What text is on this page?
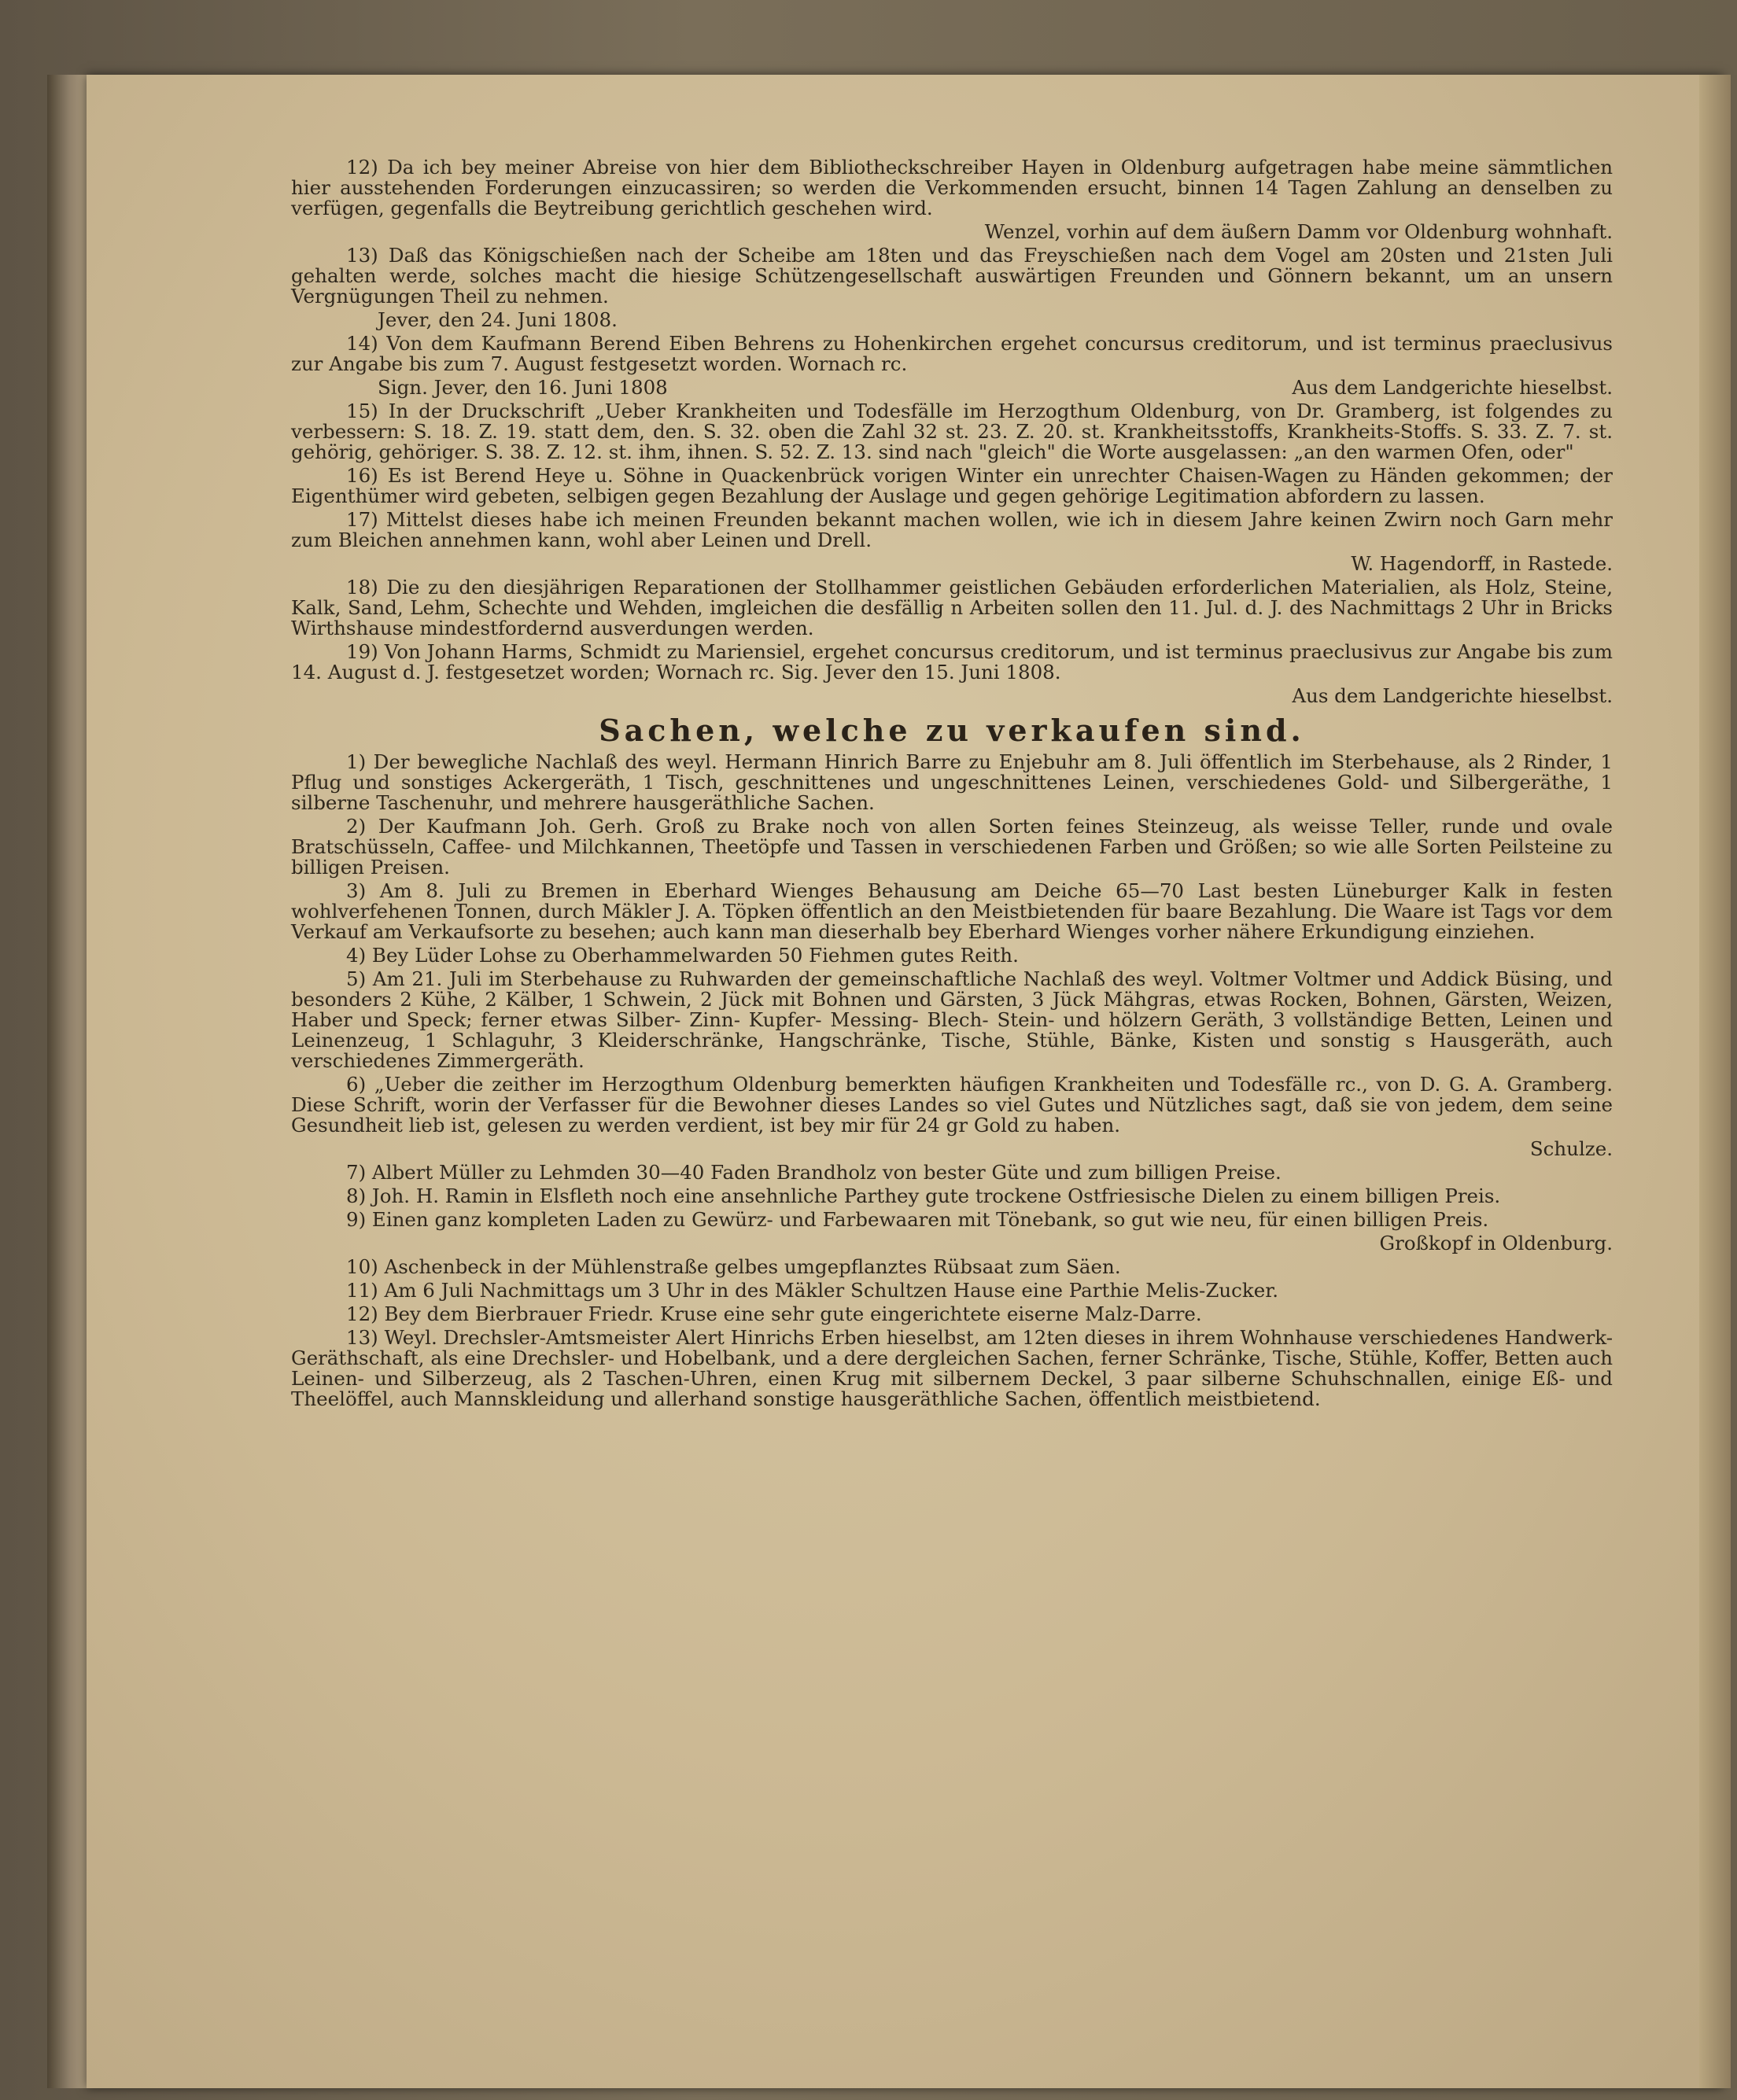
12) Da ich bey meiner Abreise von hier dem Bibliotheckschreiber Hayen in Oldenburg aufgetragen habe meine sämmtlichen hier ausstehenden Forderungen einzucassiren; so werden die Verkommenden ersucht, binnen 14 Tagen Zahlung an denselben zu verfügen, gegenfalls die Beytreibung gerichtlich geschehen wird.
Wenzel, vorhin auf dem äußern Damm vor Oldenburg wohnhaft.
13) Daß das Königschießen nach der Scheibe am 18ten und das Freyschießen nach dem Vogel am 20sten und 21sten Juli gehalten werde, solches macht die hiesige Schützengesellschaft auswärtigen Freunden und Gönnern bekannt, um an unsern Vergnügungen Theil zu nehmen.
Jever, den 24. Juni 1808.
14) Von dem Kaufmann Berend Eiben Behrens zu Hohenkirchen ergehet concursus creditorum, und ist terminus praeclusivus zur Angabe bis zum 7. August festgesetzt worden. Wornach rc.
Sign. Jever, den 16. Juni 1808	Aus dem Landgerichte hieselbst.
15) In der Druckschrift „Ueber Krankheiten und Todesfälle im Herzogthum Oldenburg, von Dr. Gramberg, ist folgendes zu verbessern: S. 18. Z. 19. statt dem, den. S. 32. oben die Zahl 32 st. 23. Z. 20. st. Krankheitsstoffs, Krankheits-Stoffs. S. 33. Z. 7. st. gehörig, gehöriger. S. 38. Z. 12. st. ihm, ihnen. S. 52. Z. 13. sind nach "gleich" die Worte ausgelassen: „an den warmen Ofen, oder"
16) Es ist Berend Heye u. Söhne in Quackenbrück vorigen Winter ein unrechter Chaisen-Wagen zu Händen gekommen; der Eigenthümer wird gebeten, selbigen gegen Bezahlung der Auslage und gegen gehörige Legitimation abfordern zu lassen.
17) Mittelst dieses habe ich meinen Freunden bekannt machen wollen, wie ich in diesem Jahre keinen Zwirn noch Garn mehr zum Bleichen annehmen kann, wohl aber Leinen und Drell.
W. Hagendorff, in Rastede.
18) Die zu den diesjährigen Reparationen der Stollhammer geistlichen Gebäuden erforderlichen Materialien, als Holz, Steine, Kalk, Sand, Lehm, Schechte und Wehden, imgleichen die desfällig n Arbeiten sollen den 11. Jul. d. J. des Nachmittags 2 Uhr in Bricks Wirthshause mindestfordernd ausverdungen werden.
19) Von Johann Harms, Schmidt zu Mariensiel, ergehet concursus creditorum, und ist terminus praeclusivus zur Angabe bis zum 14. August d. J. festgesetzet worden; Wornach rc. Sig. Jever den 15. Juni 1808.
Aus dem Landgerichte hieselbst.
Sachen, welche zu verkaufen sind.
1) Der bewegliche Nachlaß des weyl. Hermann Hinrich Barre zu Enjebuhr am 8. Juli öffentlich im Sterbehause, als 2 Rinder, 1 Pflug und sonstiges Ackergeräth, 1 Tisch, geschnittenes und ungeschnittenes Leinen, verschiedenes Gold- und Silbergeräthe, 1 silberne Taschenuhr, und mehrere hausgeräthliche Sachen.
2) Der Kaufmann Joh. Gerh. Groß zu Brake noch von allen Sorten feines Steinzeug, als weisse Teller, runde und ovale Bratschüsseln, Caffee- und Milchkannen, Theetöpfe und Tassen in verschiedenen Farben und Größen; so wie alle Sorten Peilsteine zu billigen Preisen.
3) Am 8. Juli zu Bremen in Eberhard Wienges Behausung am Deiche 65—70 Last besten Lüneburger Kalk in festen wohlverfehenen Tonnen, durch Mäkler J. A. Töpken öffentlich an den Meistbietenden für baare Bezahlung. Die Waare ist Tags vor dem Verkauf am Verkaufsorte zu besehen; auch kann man dieserhalb bey Eberhard Wienges vorher nähere Erkundigung einziehen.
4) Bey Lüder Lohse zu Oberhammelwarden 50 Fiehmen gutes Reith.
5) Am 21. Juli im Sterbehause zu Ruhwarden der gemeinschaftliche Nachlaß des weyl. Voltmer Voltmer und Addick Büsing, und besonders 2 Kühe, 2 Kälber, 1 Schwein, 2 Jück mit Bohnen und Gärsten, 3 Jück Mähgras, etwas Rocken, Bohnen, Gärsten, Weizen, Haber und Speck; ferner etwas Silber- Zinn- Kupfer- Messing- Blech- Stein- und hölzern Geräth, 3 vollständige Betten, Leinen und Leinenzeug, 1 Schlaguhr, 3 Kleiderschränke, Hangschränke, Tische, Stühle, Bänke, Kisten und sonstig s Hausgeräth, auch verschiedenes Zimmergeräth.
6) „Ueber die zeither im Herzogthum Oldenburg bemerkten häufigen Krankheiten und Todesfälle rc., von D. G. A. Gramberg. Diese Schrift, worin der Verfasser für die Bewohner dieses Landes so viel Gutes und Nützliches sagt, daß sie von jedem, dem seine Gesundheit lieb ist, gelesen zu werden verdient, ist bey mir für 24 gr Gold zu haben.
Schulze.
7) Albert Müller zu Lehmden 30—40 Faden Brandholz von bester Güte und zum billigen Preise.
8) Joh. H. Ramin in Elsfleth noch eine ansehnliche Parthey gute trockene Ostfriesische Dielen zu einem billigen Preis.
9) Einen ganz kompleten Laden zu Gewürz- und Farbewaaren mit Tönebank, so gut wie neu, für einen billigen Preis.
Großkopf in Oldenburg.
10) Aschenbeck in der Mühlenstraße gelbes umgepflanztes Rübsaat zum Säen.
11) Am 6 Juli Nachmittags um 3 Uhr in des Mäkler Schultzen Hause eine Parthie Melis-Zucker.
12) Bey dem Bierbrauer Friedr. Kruse eine sehr gute eingerichtete eiserne Malz-Darre.
13) Weyl. Drechsler-Amtsmeister Alert Hinrichs Erben hieselbst, am 12ten dieses in ihrem Wohnhause verschiedenes Handwerk-Geräthschaft, als eine Drechsler- und Hobelbank, und a dere dergleichen Sachen, ferner Schränke, Tische, Stühle, Koffer, Betten auch Leinen- und Silberzeug, als 2 Taschen-Uhren, einen Krug mit silbernem Deckel, 3 paar silberne Schuhschnallen, einige Eß- und Theelöffel, auch Mannskleidung und allerhand sonstige hausgeräthliche Sachen, öffentlich meistbietend.
